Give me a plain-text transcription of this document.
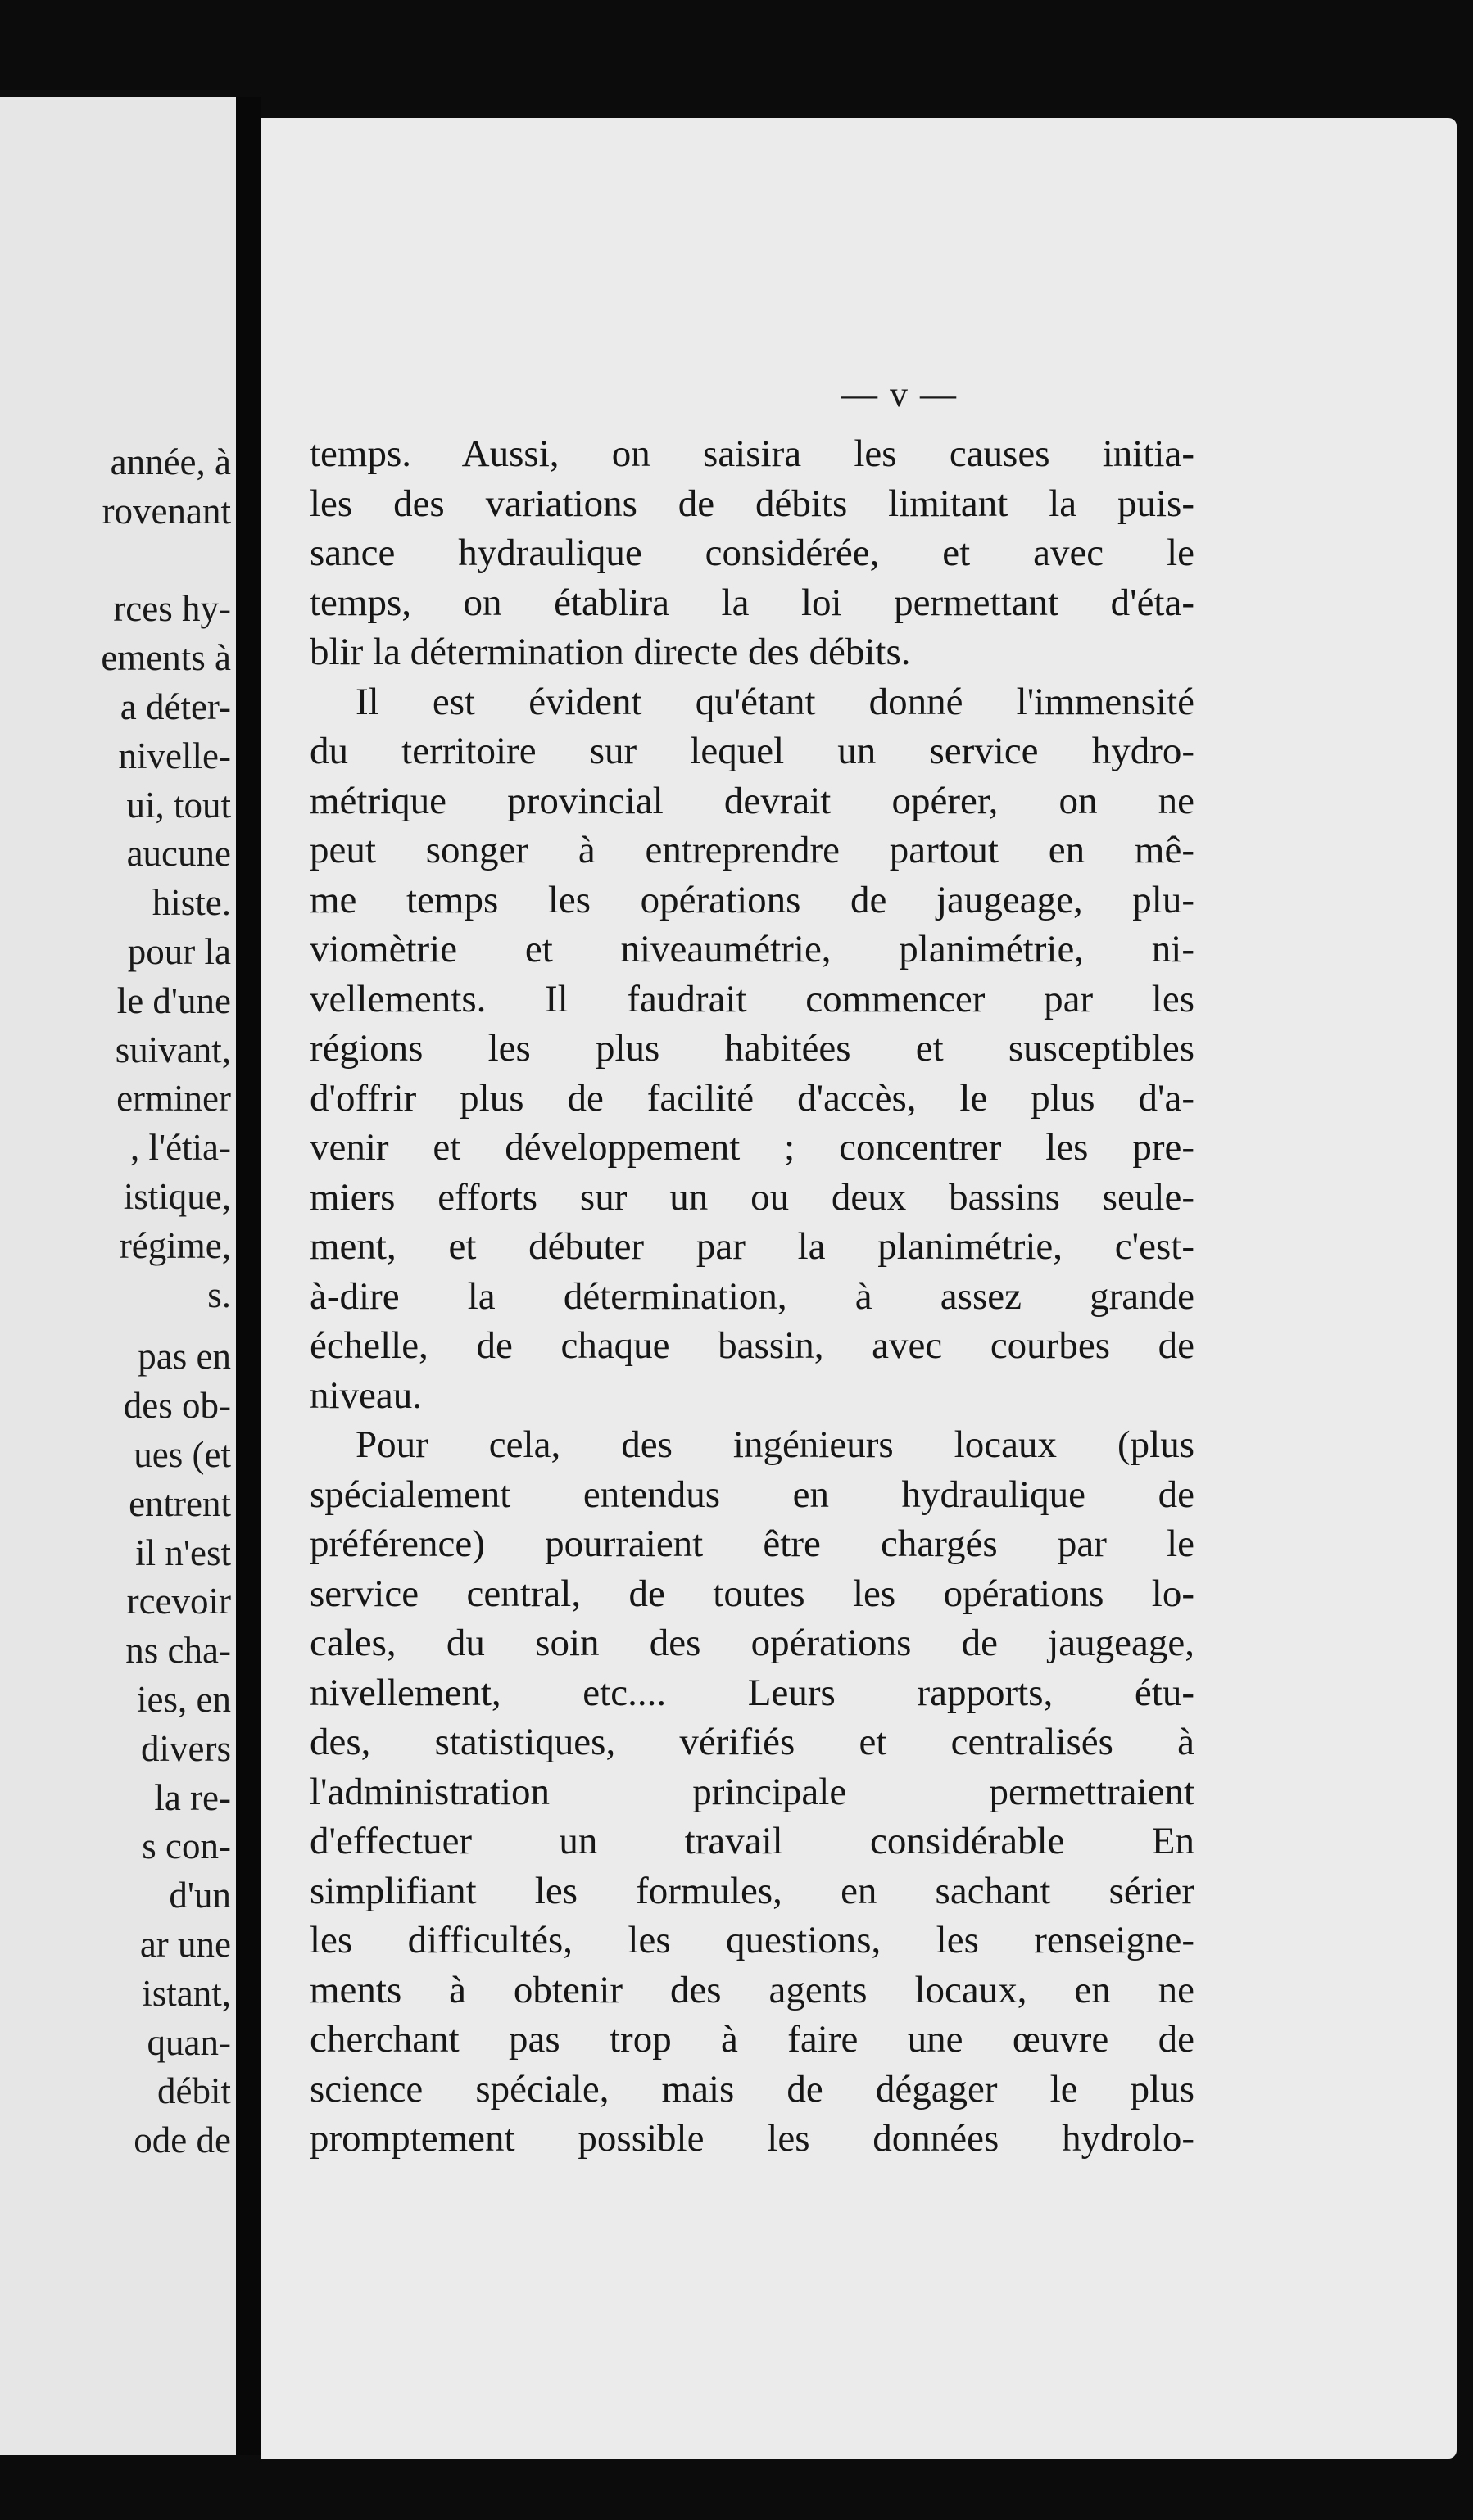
année, à
rovenant
rces hy-
ements à
a déter-
nivelle-
ui, tout
aucune
histe.
pour la
le d'une
suivant,
erminer
, l'étia-
istique,
régime,
s.
pas en
des ob-
ues (et
entrent
il n'est
rcevoir
ns cha-
ies, en
divers
la re-
s con-
d'un
ar une
istant,
quan-
débit
ode de
— v —
temps. Aussi, on saisira les causes initia-
les des variations de débits limitant la puis-
sance hydraulique considérée, et avec le
temps, on établira la loi permettant d'éta-
blir la détermination directe des débits.
Il est évident qu'étant donné l'immensité
du territoire sur lequel un service hydro-
métrique provincial devrait opérer, on ne
peut songer à entreprendre partout en mê-
me temps les opérations de jaugeage, plu-
viomètrie et niveaumétrie, planimétrie, ni-
vellements. Il faudrait commencer par les
régions les plus habitées et susceptibles
d'offrir plus de facilité d'accès, le plus d'a-
venir et développement ; concentrer les pre-
miers efforts sur un ou deux bassins seule-
ment, et débuter par la planimétrie, c'est-
à-dire la détermination, à assez grande
échelle, de chaque bassin, avec courbes de
niveau.
Pour cela, des ingénieurs locaux (plus
spécialement entendus en hydraulique de
préférence) pourraient être chargés par le
service central, de toutes les opérations lo-
cales, du soin des opérations de jaugeage,
nivellement, etc.... Leurs rapports, étu-
des, statistiques, vérifiés et centralisés à
l'administration principale permettraient
d'effectuer un travail considérable En
simplifiant les formules, en sachant sérier
les difficultés, les questions, les renseigne-
ments à obtenir des agents locaux, en ne
cherchant pas trop à faire une œuvre de
science spéciale, mais de dégager le plus
promptement possible les données hydrolo-
